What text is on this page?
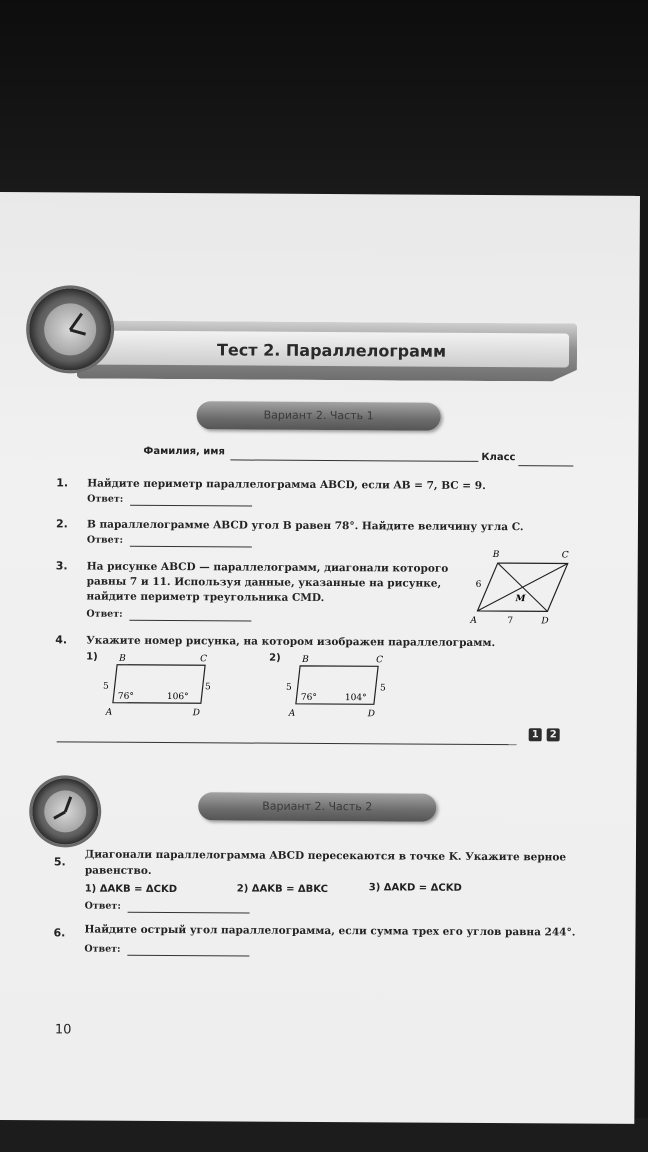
Тест 2. Параллелограмм
Вариант 2. Часть 1
Фамилия, имя
Класс
1. Найдите периметр параллелограмма ABCD, если AB = 7, BC = 9.
Ответ:
2. В параллелограмме ABCD угол B равен 78°. Найдите величину угла C.
Ответ:
3. На рисунке ABCD — параллелограмм, диагонали которого
равны 7 и 11. Используя данные, указанные на рисунке,
найдите периметр треугольника CMD.
Ответ:
B	C
A	D
M
6
7
4. Укажите номер рисунка, на котором изображен параллелограмм.
1) B	C
A	D
5	5
76°	106°
2) B	C
A	D
5	5
76°	104°
1	2
Вариант 2. Часть 2
5. Диагонали параллелограмма ABCD пересекаются в точке K. Укажите верное
равенство.
1) ΔAKB = ΔCKD	2) ΔAKB = ΔBKC	3) ΔAKD = ΔCKD
Ответ:
6. Найдите острый угол параллелограмма, если сумма трех его углов равна 244°.
Ответ:
10
